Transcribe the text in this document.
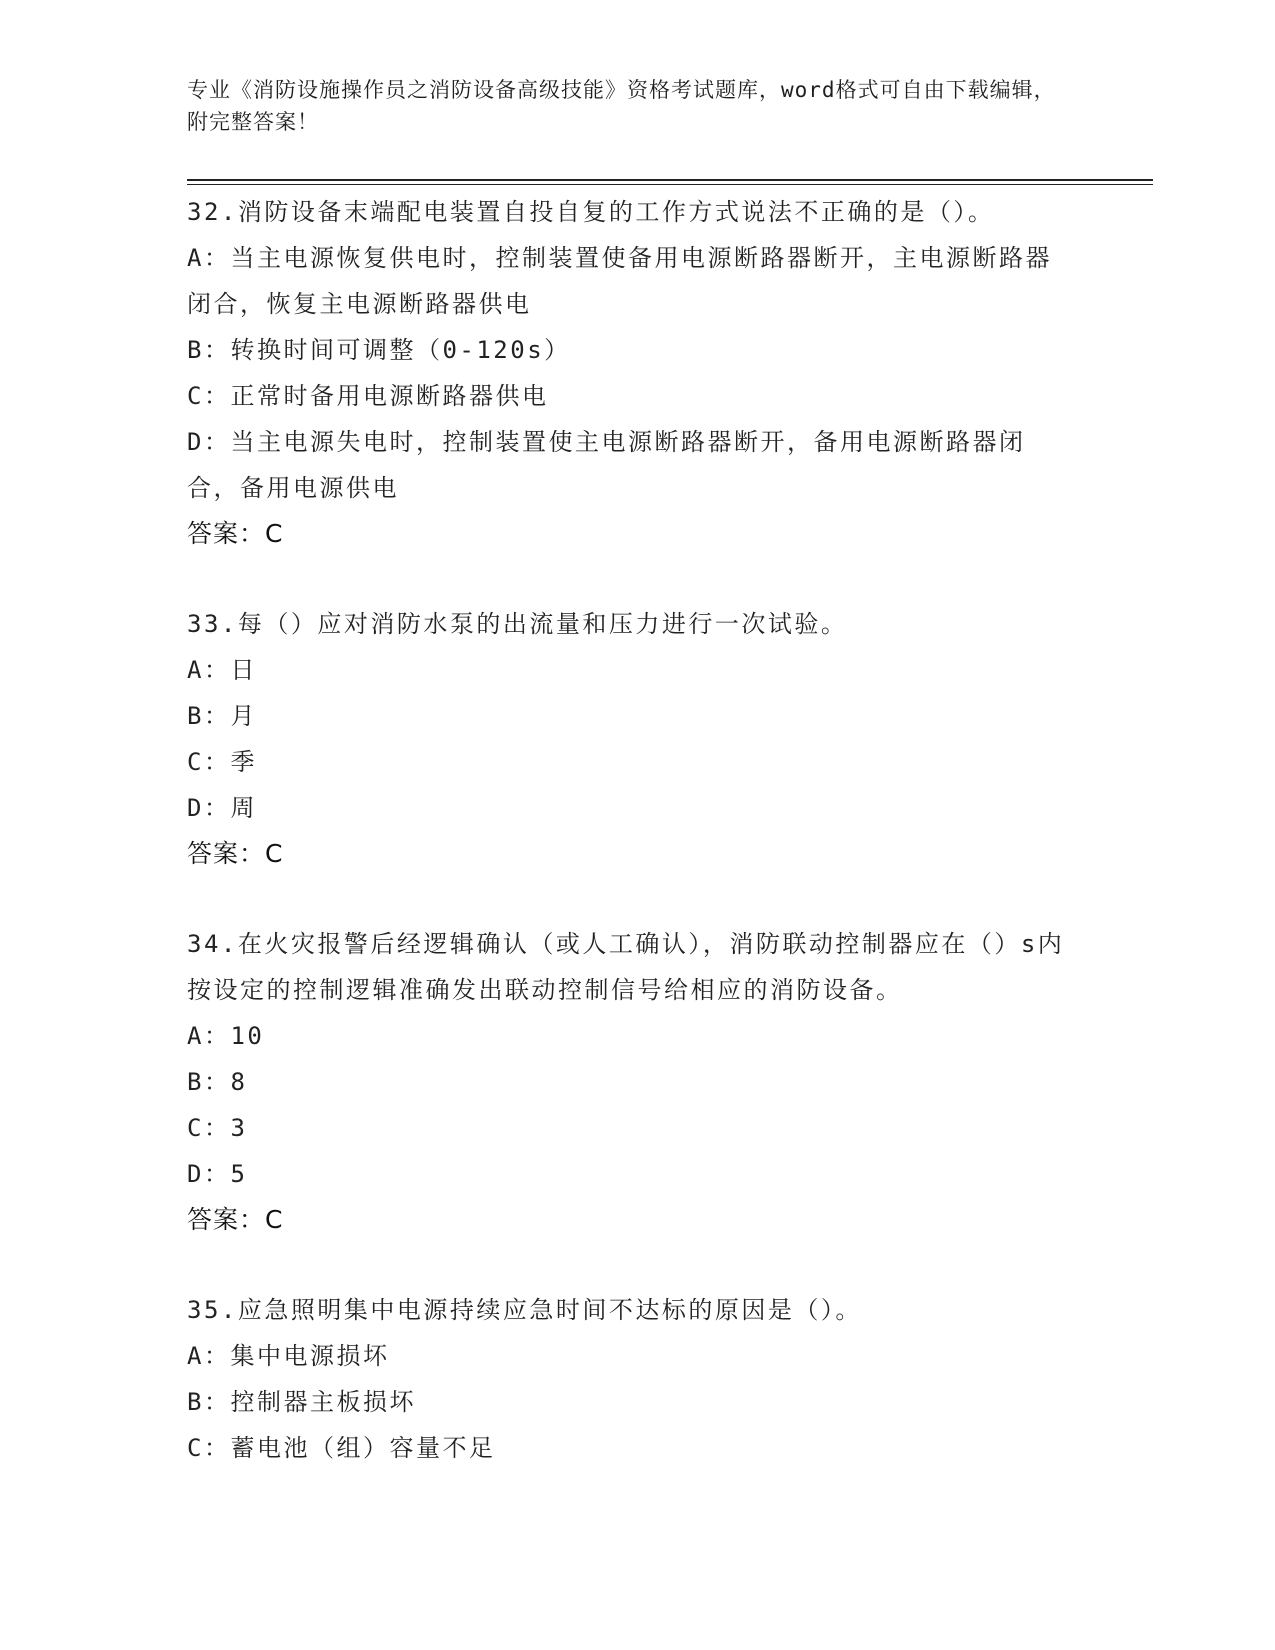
专业《消防设施操作员之消防设备高级技能》资格考试题库，word格式可自由下载编辑，附完整答案！
32.消防设备末端配电装置自投自复的工作方式说法不正确的是（）。
A：当主电源恢复供电时，控制装置使备用电源断路器断开，主电源断路器闭合，恢复主电源断路器供电
B：转换时间可调整（0-120s）
C：正常时备用电源断路器供电
D：当主电源失电时，控制装置使主电源断路器断开，备用电源断路器闭合，备用电源供电
答案：C
33.每（）应对消防水泵的出流量和压力进行一次试验。
A：日
B：月
C：季
D：周
答案：C
34.在火灾报警后经逻辑确认（或人工确认），消防联动控制器应在（）s内按设定的控制逻辑准确发出联动控制信号给相应的消防设备。
A：10
B：8
C：3
D：5
答案：C
35.应急照明集中电源持续应急时间不达标的原因是（）。
A：集中电源损坏
B：控制器主板损坏
C：蓄电池（组）容量不足
